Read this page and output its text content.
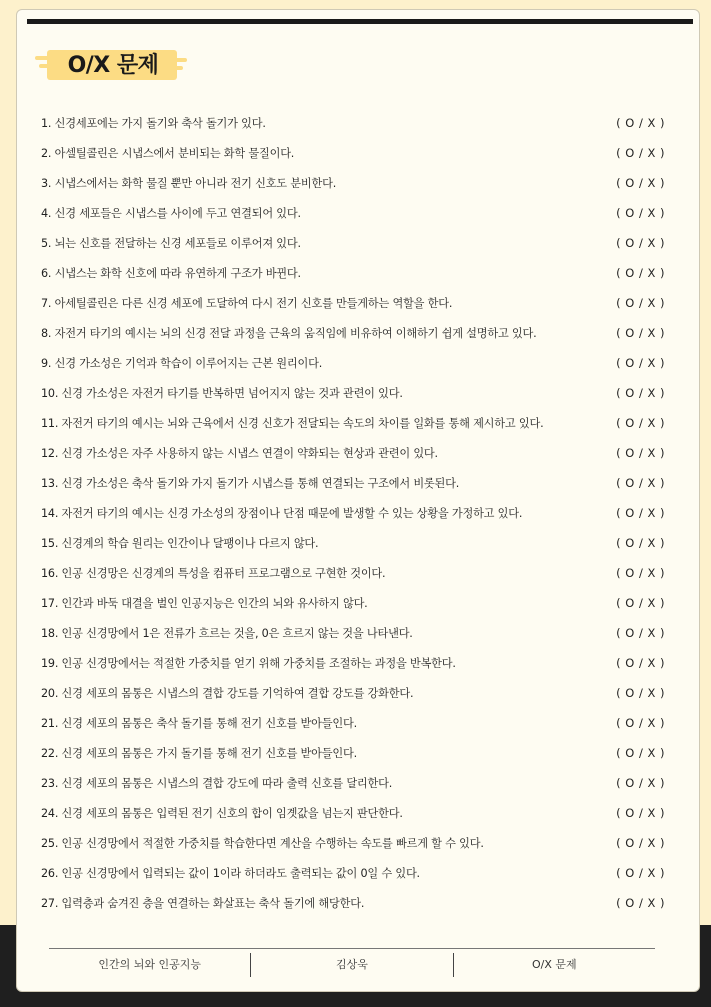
O/X 문제
1. 신경세포에는 가지 돌기와 축삭 돌기가 있다.	( O / X )
2. 아셀틸콜린은 시냅스에서 분비되는 화학 물질이다.	( O / X )
3. 시냅스에서는 화학 물질 뿐만 아니라 전기 신호도 분비한다.	( O / X )
4. 신경 세포들은 시냅스를 사이에 두고 연결되어 있다.	( O / X )
5. 뇌는 신호를 전달하는 신경 세포들로 이루어져 있다.	( O / X )
6. 시냅스는 화학 신호에 따라 유연하게 구조가 바뀐다.	( O / X )
7. 아세틸콜린은 다른 신경 세포에 도달하여 다시 전기 신호를 만들게하는 역할을 한다.	( O / X )
8. 자전거 타기의 예시는 뇌의 신경 전달 과정을 근육의 움직임에 비유하여 이해하기 쉽게 설명하고 있다.	( O / X )
9. 신경 가소성은 기억과 학습이 이루어지는 근본 원리이다.	( O / X )
10. 신경 가소성은 자전거 타기를 반복하면 넘어지지 않는 것과 관련이 있다.	( O / X )
11. 자전거 타기의 예시는 뇌와 근육에서 신경 신호가 전달되는 속도의 차이를 일화를 통해 제시하고 있다.	( O / X )
12. 신경 가소성은 자주 사용하지 않는 시냅스 연결이 약화되는 현상과 관련이 있다.	( O / X )
13. 신경 가소성은 축삭 돌기와 가지 돌기가 시냅스를 통해 연결되는 구조에서 비롯된다.	( O / X )
14. 자전거 타기의 예시는 신경 가소성의 장점이나 단점 때문에 발생할 수 있는 상황을 가정하고 있다.	( O / X )
15. 신경계의 학습 원리는 인간이나 달팽이나 다르지 않다.	( O / X )
16. 인공 신경망은 신경계의 특성을 컴퓨터 프로그램으로 구현한 것이다.	( O / X )
17. 인간과 바둑 대결을 벌인 인공지능은 인간의 뇌와 유사하지 않다.	( O / X )
18. 인공 신경망에서 1은 전류가 흐르는 것을, 0은 흐르지 않는 것을 나타낸다.	( O / X )
19. 인공 신경망에서는 적절한 가중치를 얻기 위해 가중치를 조절하는 과정을 반복한다.	( O / X )
20. 신경 세포의 몸통은 시냅스의 결합 강도를 기억하여 결합 강도를 강화한다.	( O / X )
21. 신경 세포의 몸통은 축삭 돌기를 통해 전기 신호를 받아들인다.	( O / X )
22. 신경 세포의 몸통은 가지 돌기를 통해 전기 신호를 받아들인다.	( O / X )
23. 신경 세포의 몸통은 시냅스의 결합 강도에 따라 출력 신호를 달리한다.	( O / X )
24. 신경 세포의 몸통은 입력된 전기 신호의 합이 임곗값을 넘는지 판단한다.	( O / X )
25. 인공 신경망에서 적절한 가중치를 학습한다면 계산을 수행하는 속도를 빠르게 할 수 있다.	( O / X )
26. 인공 신경망에서 입력되는 값이 1이라 하더라도 출력되는 값이 0일 수 있다.	( O / X )
27. 입력층과 숨겨진 층을 연결하는 화살표는 축삭 돌기에 해당한다.	( O / X )
인간의 뇌와 인공지능	김상욱	O/X 문제
